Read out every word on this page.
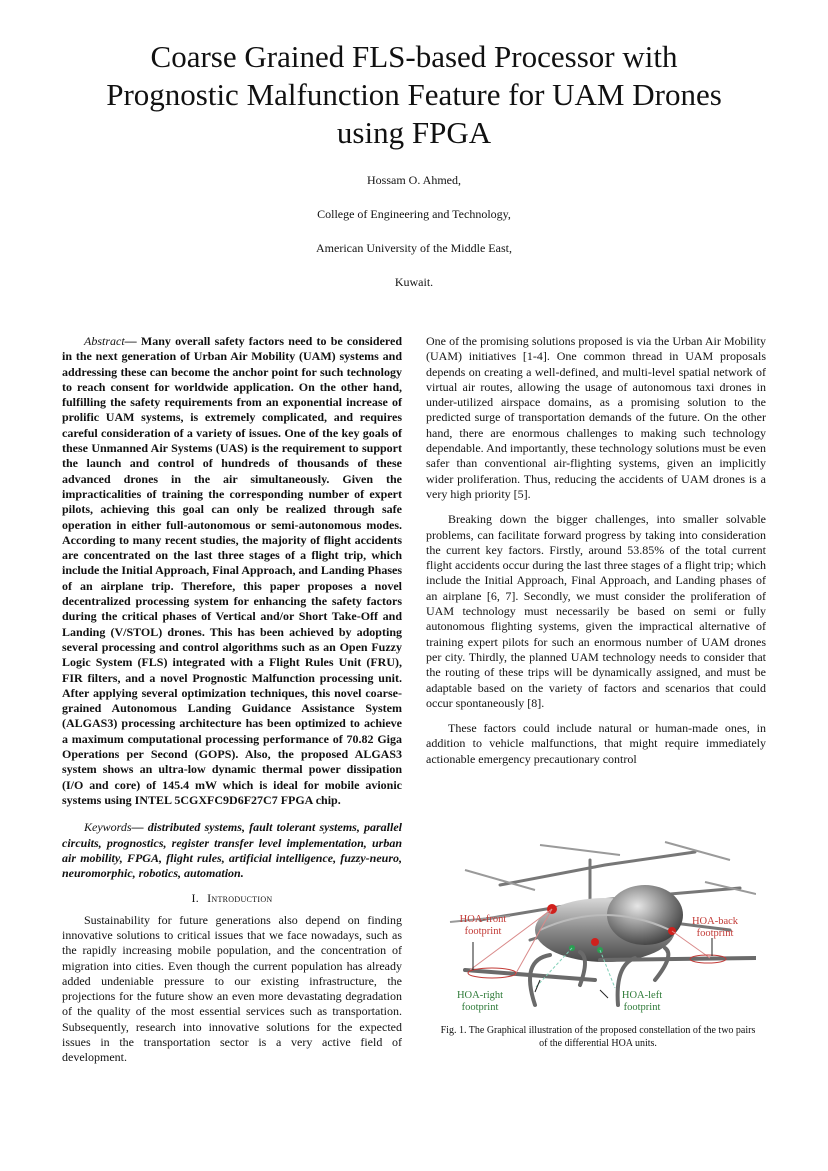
Coarse Grained FLS-based Processor with
Prognostic Malfunction Feature for UAM Drones
using FPGA
Hossam O. Ahmed,
College of Engineering and Technology,
American University of the Middle East,
Kuwait.

Abstract— Many overall safety factors need to be considered in the next generation of Urban Air Mobility (UAM) systems and addressing these can become the anchor point for such technology to reach consent for worldwide application. On the other hand, fulfilling the safety requirements from an exponential increase of prolific UAM systems, is extremely complicated, and requires careful consideration of a variety of issues. One of the key goals of these Unmanned Air Systems (UAS) is the requirement to support the launch and control of hundreds of thousands of these advanced drones in the air simultaneously. Given the impracticalities of training the corresponding number of expert pilots, achieving this goal can only be realized through safe operation in either full-autonomous or semi-autonomous modes. According to many recent studies, the majority of flight accidents are concentrated on the last three stages of a flight trip, which include the Initial Approach, Final Approach, and Landing Phases of an airplane trip. Therefore, this paper proposes a novel decentralized processing system for enhancing the safety factors during the critical phases of Vertical and/or Short Take-Off and Landing (V/STOL) drones. This has been achieved by adopting several processing and control algorithms such as an Open Fuzzy Logic System (FLS) integrated with a Flight Rules Unit (FRU), FIR filters, and a novel Prognostic Malfunction processing unit. After applying several optimization techniques, this novel coarse-grained Autonomous Landing Guidance Assistance System (ALGAS3) processing architecture has been optimized to achieve a maximum computational processing performance of 70.82 Giga Operations per Second (GOPS). Also, the proposed ALGAS3 system shows an ultra-low dynamic thermal power dissipation (I/O and core) of 145.4 mW which is ideal for mobile avionic systems using INTEL 5CGXFC9D6F27C7 FPGA chip.

Keywords— distributed systems, fault tolerant systems, parallel circuits, prognostics, register transfer level implementation, urban air mobility, FPGA, flight rules, artificial intelligence, fuzzy-neuro, neuromorphic, robotics, automation.

I. Introduction

Sustainability for future generations also depend on finding innovative solutions to critical issues that we face nowadays, such as the rapidly increasing mobile population, and the concentration of migration into cities. Even though the current population has already added undeniable pressure to our existing infrastructure, the projections for the future show an even more devastating degradation of the quality of the most essential services such as transportation. Subsequently, research into innovative solutions for the expected issues in the transportation sector is a very active field of development.

One of the promising solutions proposed is via the Urban Air Mobility (UAM) initiatives [1-4]. One common thread in UAM proposals depends on creating a well-defined, and multi-level spatial network of virtual air routes, allowing the usage of autonomous taxi drones in under-utilized airspace domains, as a promising solution to the predicted surge of transportation demands of the future. On the other hand, there are enormous challenges to making such technology dependable. And importantly, these technology solutions must be even safer than conventional air-flighting systems, given an implicitly wider proliferation. Thus, reducing the accidents of UAM drones is a very high priority [5].

Breaking down the bigger challenges, into smaller solvable problems, can facilitate forward progress by taking into consideration the current key factors. Firstly, around 53.85% of the total current flight accidents occur during the last three stages of a flight trip; which include the Initial Approach, Final Approach, and Landing phases of an airplane [6, 7]. Secondly, we must consider the proliferation of UAM technology must necessarily be based on semi or fully autonomous flighting systems, given the impractical alternative of training expert pilots for such an enormous number of UAM drones per city. Thirdly, the planned UAM technology needs to consider that the routing of these trips will be dynamically assigned, and must be adaptable based on the variety of factors and scenarios that could occur spontaneously [8].

These factors could include natural or human-made ones, in addition to vehicle malfunctions, that might require immediately actionable emergency precautionary control

HOA-front footprint
HOA-back footprint
HOA-right footprint
HOA-left footprint
Fig. 1. The Graphical illustration of the proposed constellation of the two pairs of the differential HOA units.
